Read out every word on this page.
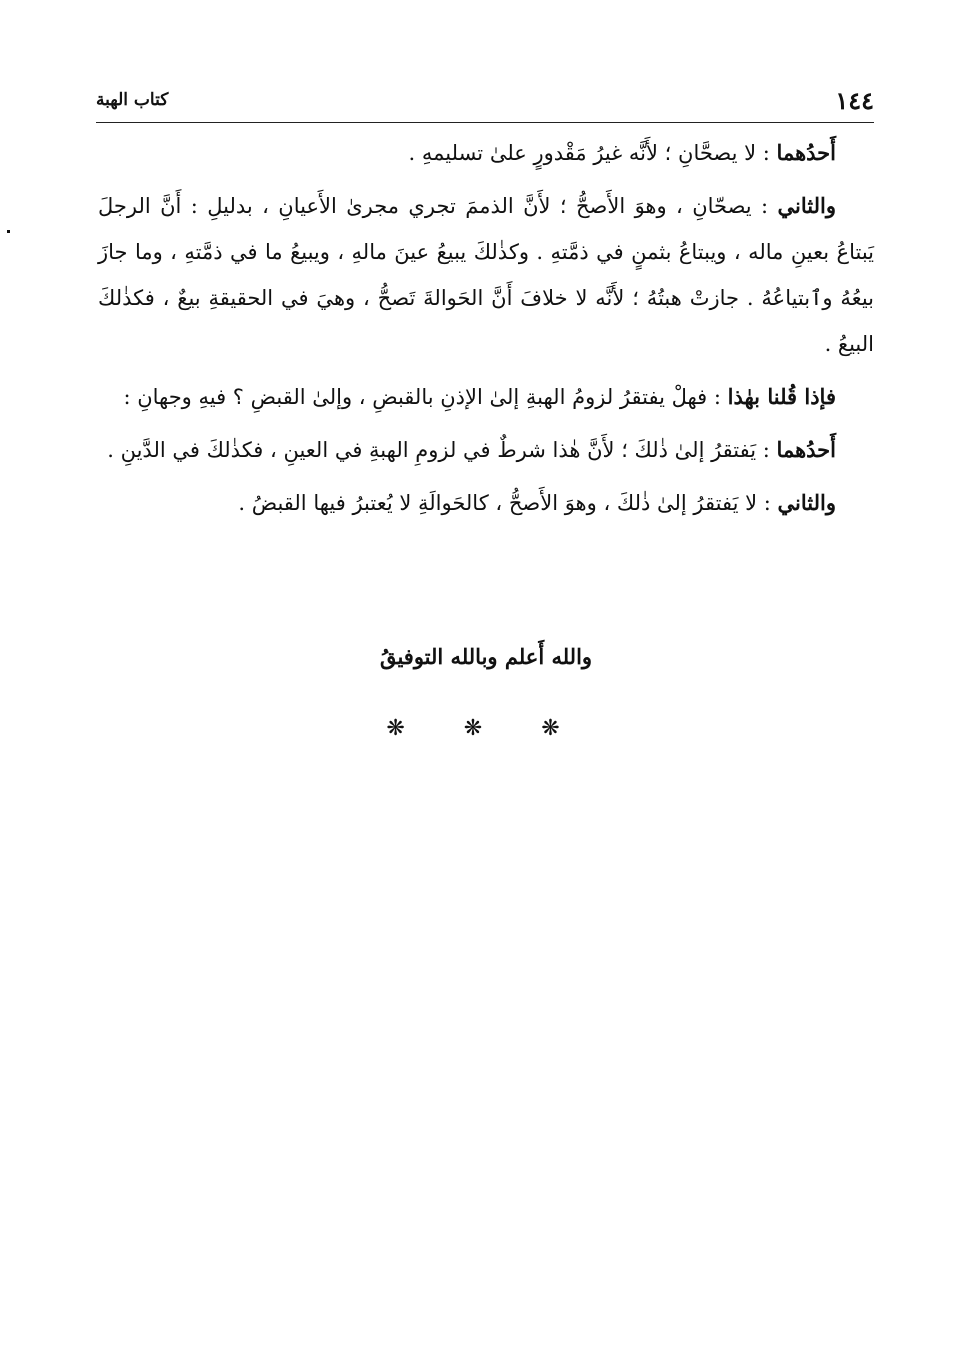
١٤٤
كتاب الهبة

أَحدُهما : لا يصحَّانِ ؛ لأَنَّه غيرُ مَقْدورٍ علىٰ تسليمهِ .

والثاني : يصحّانِ ، وهوَ الأَصحُّ ؛ لأَنَّ الذممَ تجري مجرىٰ الأَعيانِ ، بدليلِ : أَنَّ الرجلَ يَبتاعُ بعينِ ماله ، ويبتاعُ بثمنٍ في ذمَّتهِ . وكذٰلكَ يبيعُ عينَ مالهِ ، ويبيعُ ما في ذمَّتهِ ، وما جازَ بيعُهُ وٱبتياعُهُ . جازتْ هبتُهُ ؛ لأَنَّه لا خلافَ أَنَّ الحَوالةَ تَصحُّ ، وهيَ في الحقيقةِ بيعٌ ، فكذٰلكَ البيعُ .

فإذا قُلنا بهٰذا : فهلْ يفتقرُ لزومُ الهبةِ إلىٰ الإذنِ بالقبضِ ، وإلىٰ القبضِ ؟ فيهِ وجهانِ :

أَحدُهما : يَفتقرُ إلىٰ ذٰلكَ ؛ لأَنَّ هٰذا شرطٌ في لزومِ الهبةِ في العينِ ، فكذٰلكَ في الدَّينِ .

والثاني : لا يَفتقرُ إلىٰ ذٰلكَ ، وهوَ الأَصحُّ ، كالحَوالَةِ لا يُعتبرُ فيها القبضُ .

والله أَعلم وبالله التوفيقُ
❋ ❋ ❋
